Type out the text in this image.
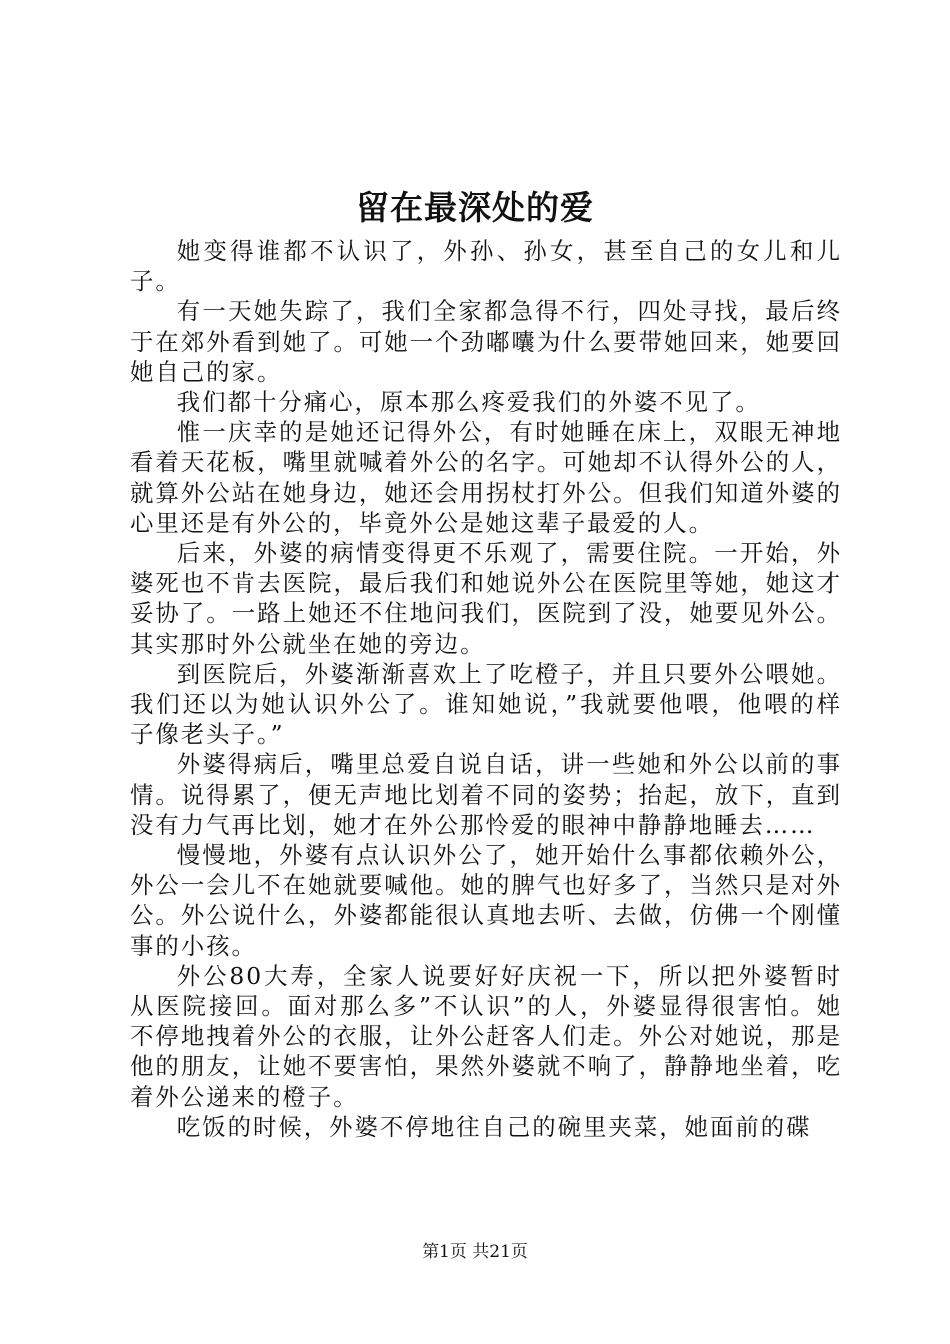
留在最深处的爱

她变得谁都不认识了，外孙、孙女，甚至自己的女儿和儿子。

有一天她失踪了，我们全家都急得不行，四处寻找，最后终于在郊外看到她了。可她一个劲嘟囔为什么要带她回来，她要回她自己的家。

我们都十分痛心，原本那么疼爱我们的外婆不见了。

惟一庆幸的是她还记得外公，有时她睡在床上，双眼无神地看着天花板，嘴里就喊着外公的名字。可她却不认得外公的人，就算外公站在她身边，她还会用拐杖打外公。但我们知道外婆的心里还是有外公的，毕竟外公是她这辈子最爱的人。

后来，外婆的病情变得更不乐观了，需要住院。一开始，外婆死也不肯去医院，最后我们和她说外公在医院里等她，她这才妥协了。一路上她还不住地问我们，医院到了没，她要见外公。其实那时外公就坐在她的旁边。

到医院后，外婆渐渐喜欢上了吃橙子，并且只要外公喂她。我们还以为她认识外公了。谁知她说，”我就要他喂，他喂的样子像老头子。”

外婆得病后，嘴里总爱自说自话，讲一些她和外公以前的事情。说得累了，便无声地比划着不同的姿势；抬起，放下，直到没有力气再比划，她才在外公那怜爱的眼神中静静地睡去……

慢慢地，外婆有点认识外公了，她开始什么事都依赖外公，外公一会儿不在她就要喊他。她的脾气也好多了，当然只是对外公。外公说什么，外婆都能很认真地去听、去做，仿佛一个刚懂事的小孩。

外公80大寿，全家人说要好好庆祝一下，所以把外婆暂时从医院接回。面对那么多”不认识”的人，外婆显得很害怕。她不停地拽着外公的衣服，让外公赶客人们走。外公对她说，那是他的朋友，让她不要害怕，果然外婆就不响了，静静地坐着，吃着外公递来的橙子。

吃饭的时候，外婆不停地往自己的碗里夹菜，她面前的碟

第1页 共21页
